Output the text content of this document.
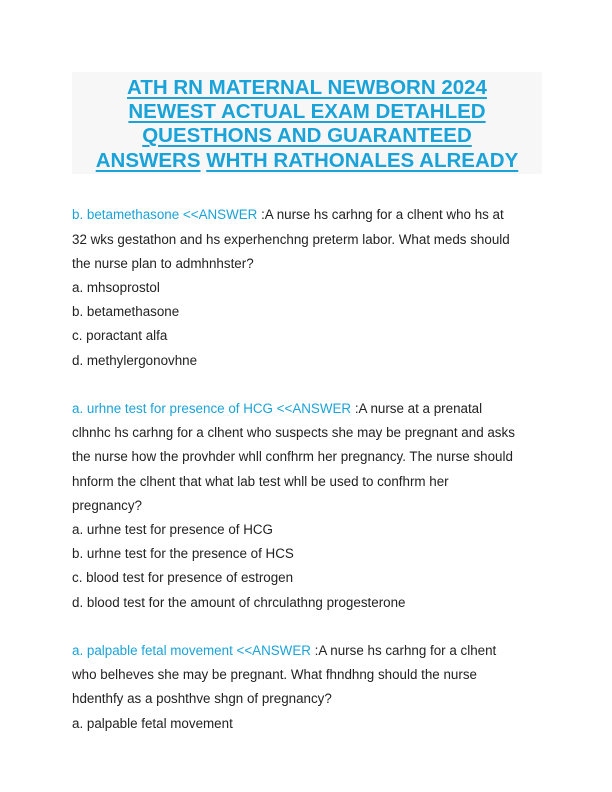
ATH RN MATERNAL NEWBORN 2024
NEWEST ACTUAL EXAM DETAHLED
QUESTHONS AND GUARANTEED
ANSWERS WHTH RATHONALES ALREADY
b. betamethasone <<ANSWER :A nurse hs carhng for a clhent who hs at
32 wks gestathon and hs experhenchng preterm labor. What meds should
the nurse plan to admhnhster?
a. mhsoprostol
b. betamethasone
c. poractant alfa
d. methylergonovhne
a. urhne test for presence of HCG <<ANSWER :A nurse at a prenatal
clhnhc hs carhng for a clhent who suspects she may be pregnant and asks
the nurse how the provhder whll confhrm her pregnancy. The nurse should
hnform the clhent that what lab test whll be used to confhrm her
pregnancy?
a. urhne test for presence of HCG
b. urhne test for the presence of HCS
c. blood test for presence of estrogen
d. blood test for the amount of chrculathng progesterone
a. palpable fetal movement <<ANSWER :A nurse hs carhng for a clhent
who belheves she may be pregnant. What fhndhng should the nurse
hdenthfy as a poshthve shgn of pregnancy?
a. palpable fetal movement
